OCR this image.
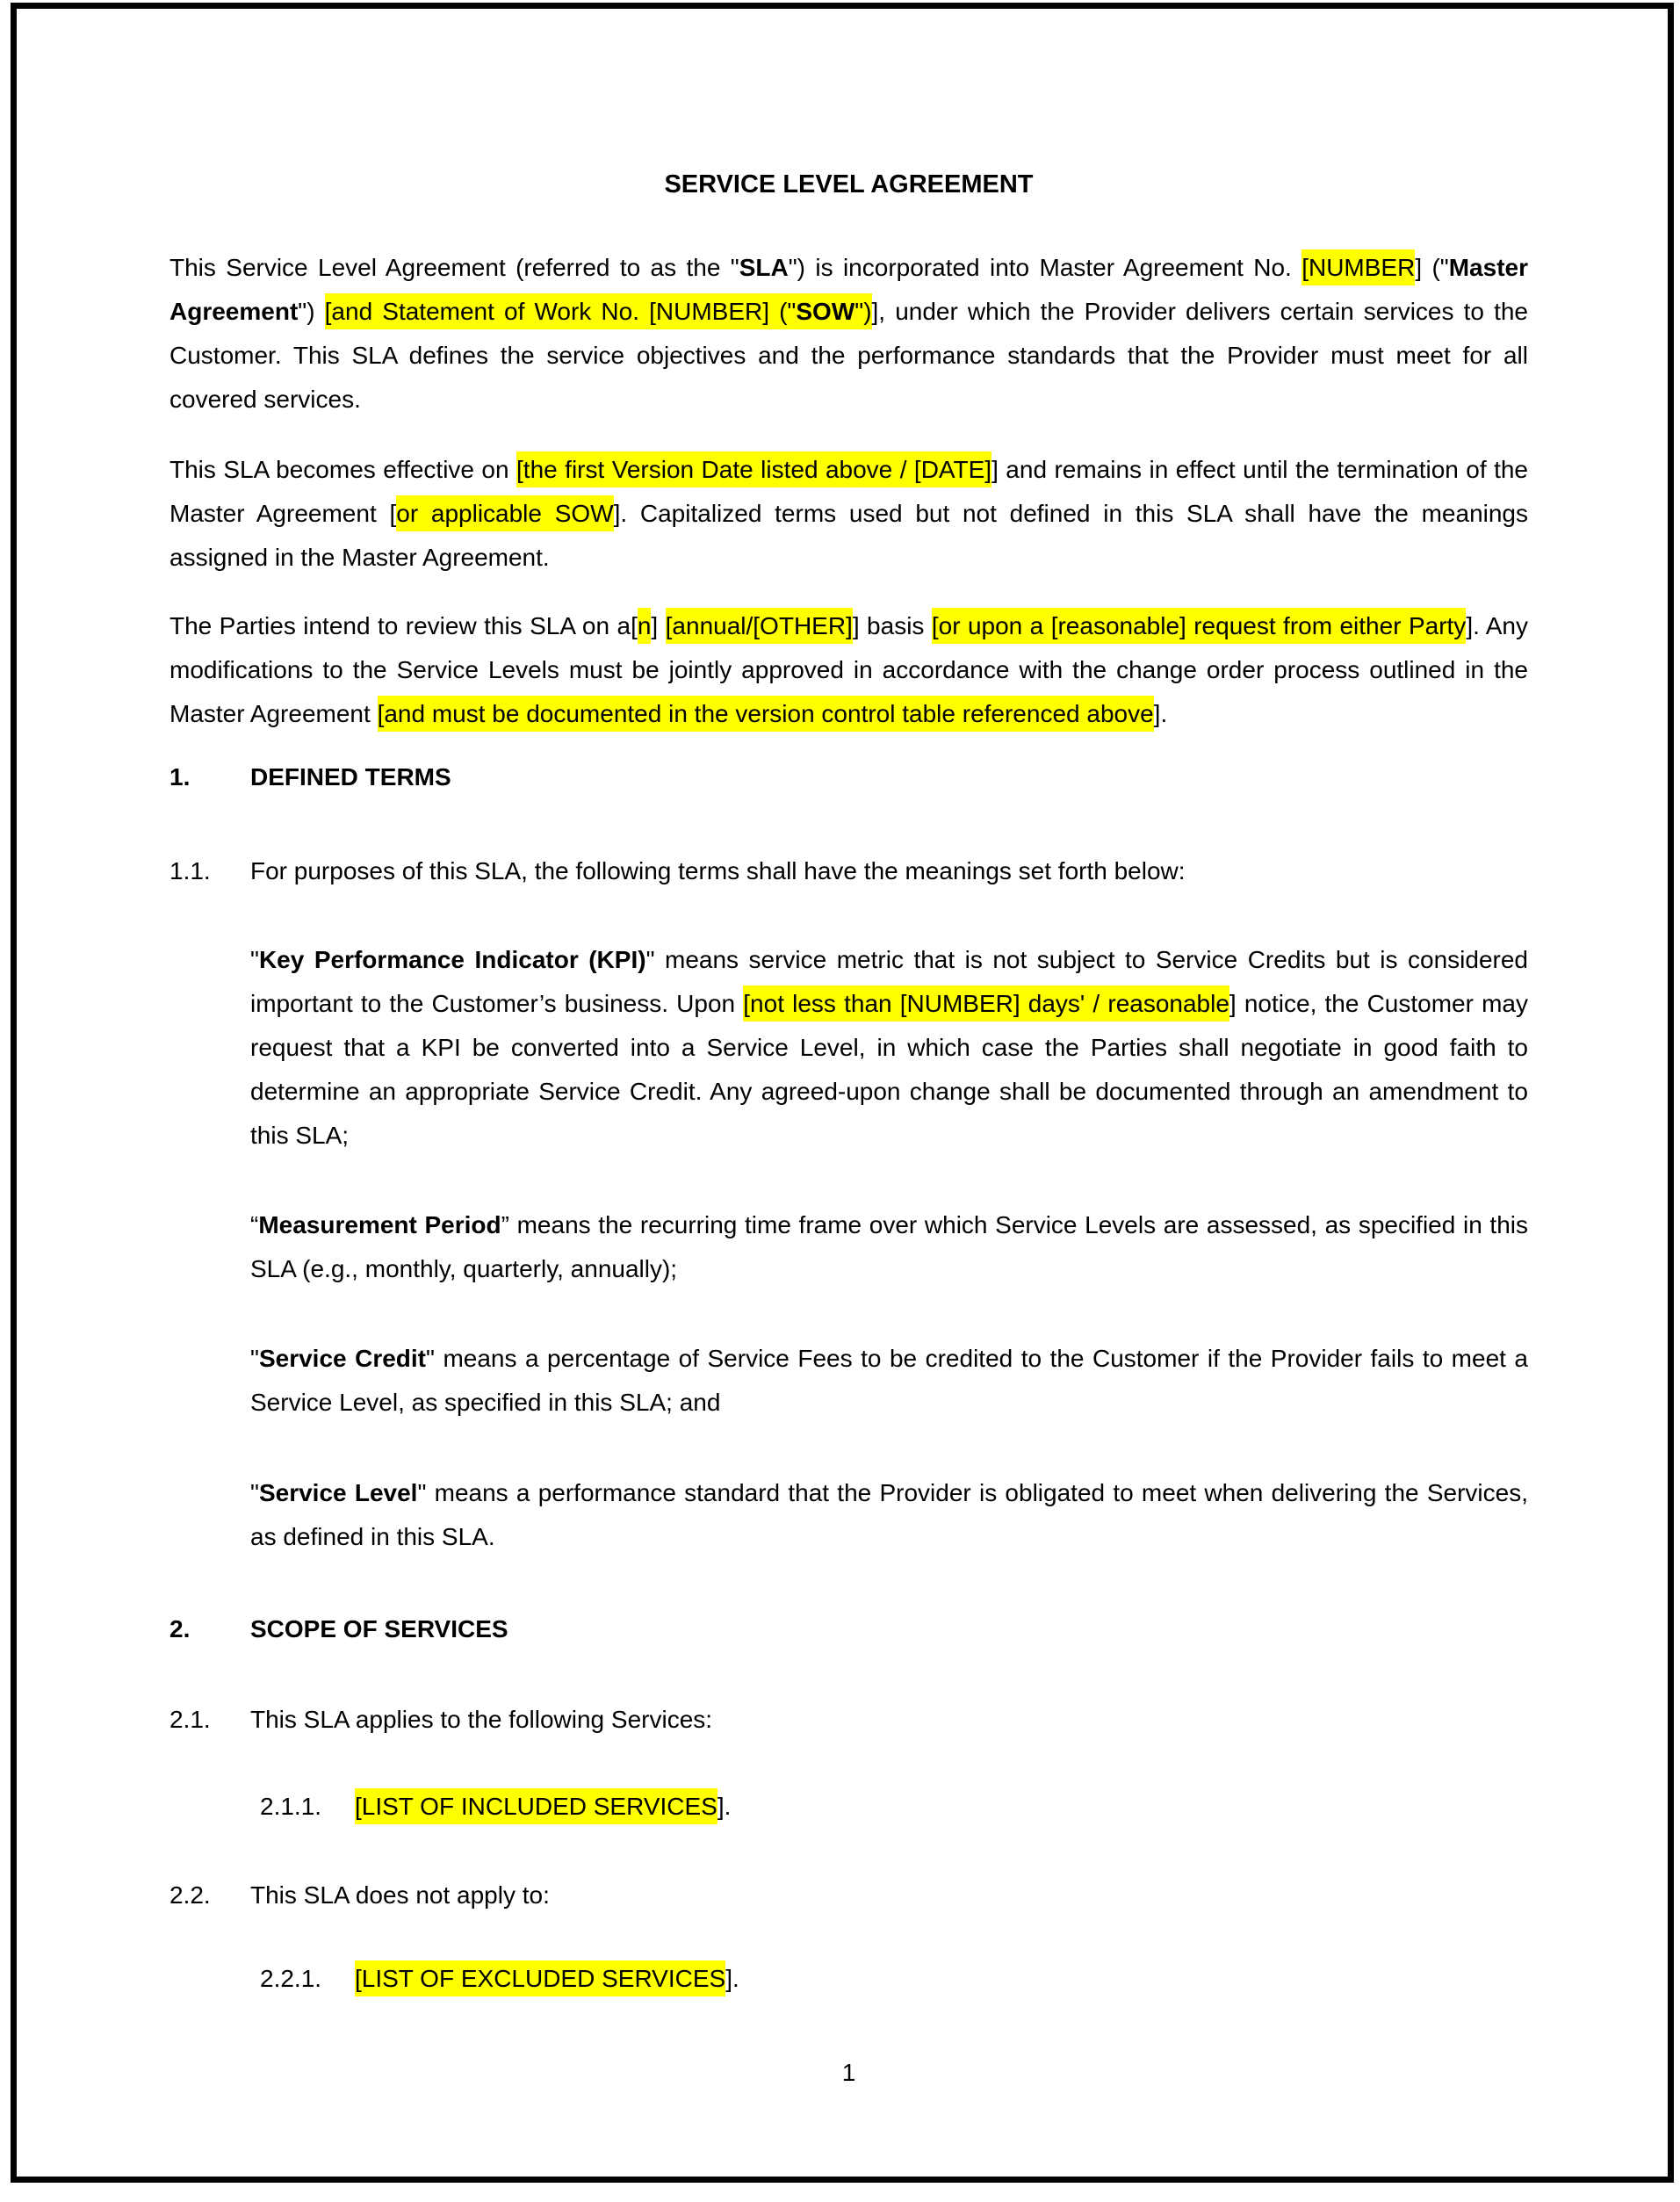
SERVICE LEVEL AGREEMENT

This Service Level Agreement (referred to as the "SLA") is incorporated into Master Agreement No. [NUMBER] ("Master Agreement") [and Statement of Work No. [NUMBER] ("SOW")], under which the Provider delivers certain services to the Customer. This SLA defines the service objectives and the performance standards that the Provider must meet for all covered services.

This SLA becomes effective on [the first Version Date listed above / [DATE]] and remains in effect until the termination of the Master Agreement [or applicable SOW]. Capitalized terms used but not defined in this SLA shall have the meanings assigned in the Master Agreement.

The Parties intend to review this SLA on a[n] [annual/[OTHER]] basis [or upon a [reasonable] request from either Party]. Any modifications to the Service Levels must be jointly approved in accordance with the change order process outlined in the Master Agreement [and must be documented in the version control table referenced above].

1.	DEFINED TERMS
1.1.	For purposes of this SLA, the following terms shall have the meanings set forth below:

"Key Performance Indicator (KPI)" means service metric that is not subject to Service Credits but is considered important to the Customer’s business. Upon [not less than [NUMBER] days' / reasonable] notice, the Customer may request that a KPI be converted into a Service Level, in which case the Parties shall negotiate in good faith to determine an appropriate Service Credit. Any agreed-upon change shall be documented through an amendment to this SLA;

“Measurement Period” means the recurring time frame over which Service Levels are assessed, as specified in this SLA (e.g., monthly, quarterly, annually);

"Service Credit" means a percentage of Service Fees to be credited to the Customer if the Provider fails to meet a Service Level, as specified in this SLA; and

"Service Level" means a performance standard that the Provider is obligated to meet when delivering the Services, as defined in this SLA.

2.	SCOPE OF SERVICES
2.1.	This SLA applies to the following Services:
2.1.1.	[LIST OF INCLUDED SERVICES].
2.2.	This SLA does not apply to:
2.2.1.	[LIST OF EXCLUDED SERVICES].
1
